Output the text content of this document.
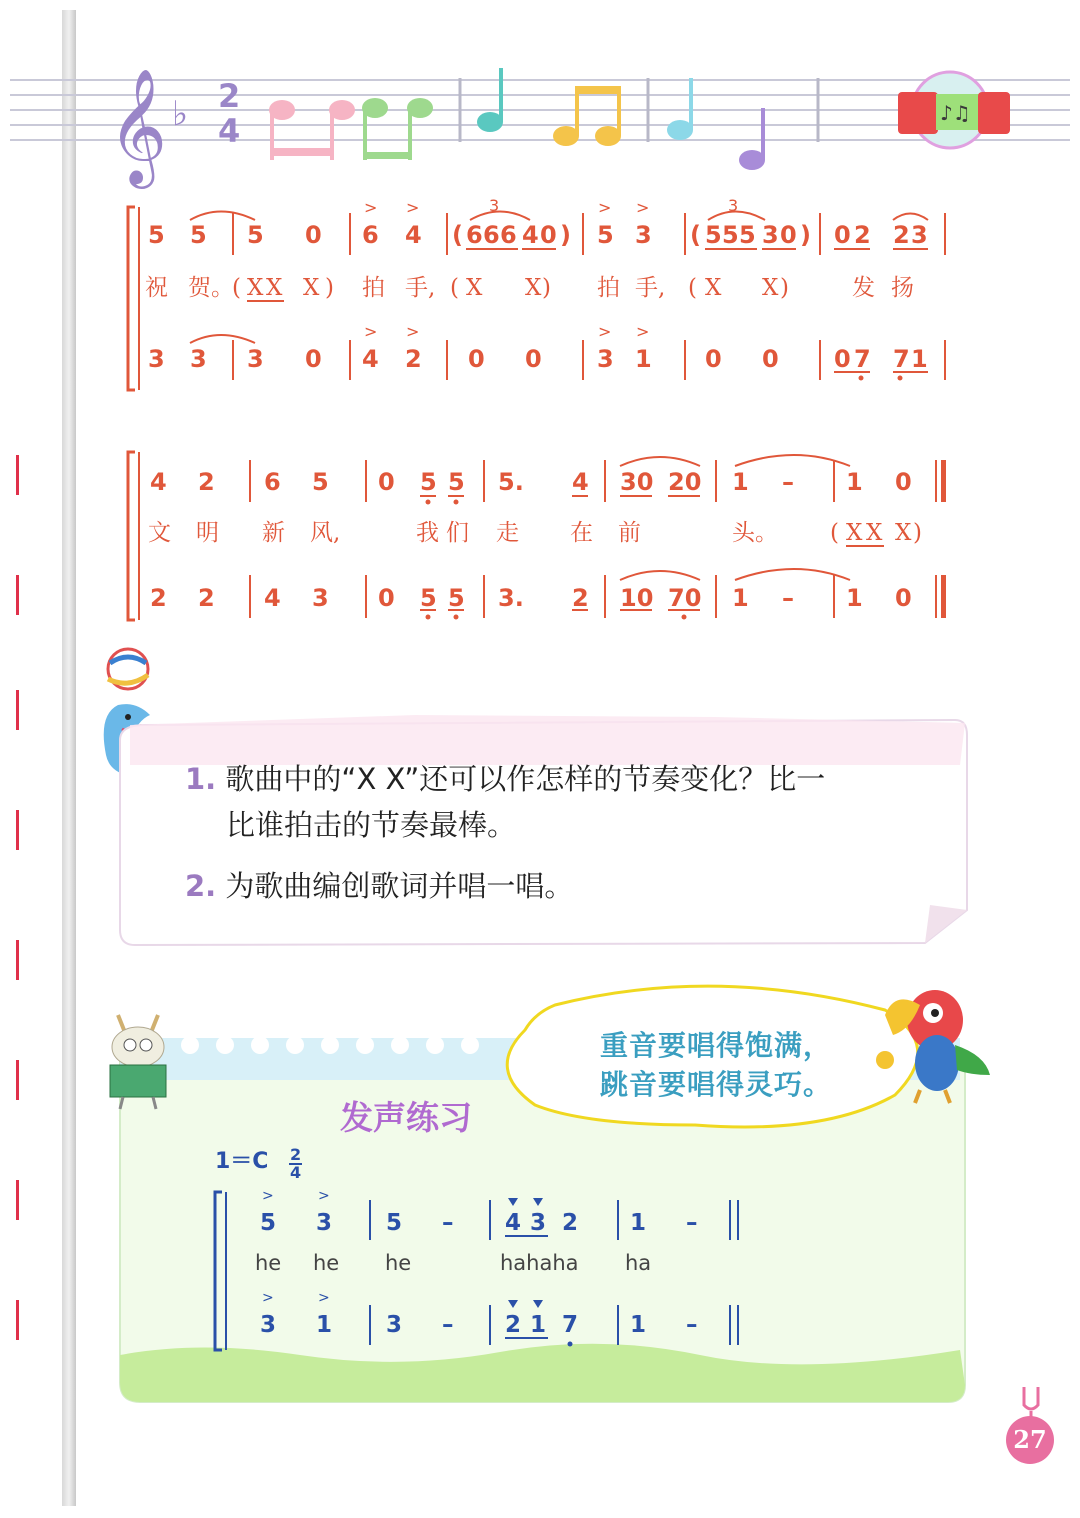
𝄞 ♭ 2
4	♪♫
> >	> >
> >	> >
3	3
5 5 5 0 6 4 ( 6 6 6 4 0 ) 5 3 ( 5 5 5 3 0 ) 0 2 2 3
祝 贺。
( X X X ) 拍 手, ( X X ) 拍 手, ( X X )	发 扬
3 3 3 0 4 2 0 0 3 1 0 0 0 7 7 1
4 2 6 5 0 5 5 5. 4 30 20 1 – 1 0
文 明 新 风,	我 们 走 在 前	头。 ( X X X )
2 2 4 3 0 5 5 3. 2 10 70 1 – 1 0
1. 歌曲中的“X X”还可以作怎样的节奏变化？比一
比谁拍击的节奏最棒。
2. 为歌曲编创歌词并唱一唱。
重音要唱得饱满，
跳音要唱得灵巧。
发声练习
1＝C 2
4
>	>
>	>
5 3 5 – 4 3 2 1 –
he he he	hahaha ha
3 1 3 – 2 1 7 1 –
27
